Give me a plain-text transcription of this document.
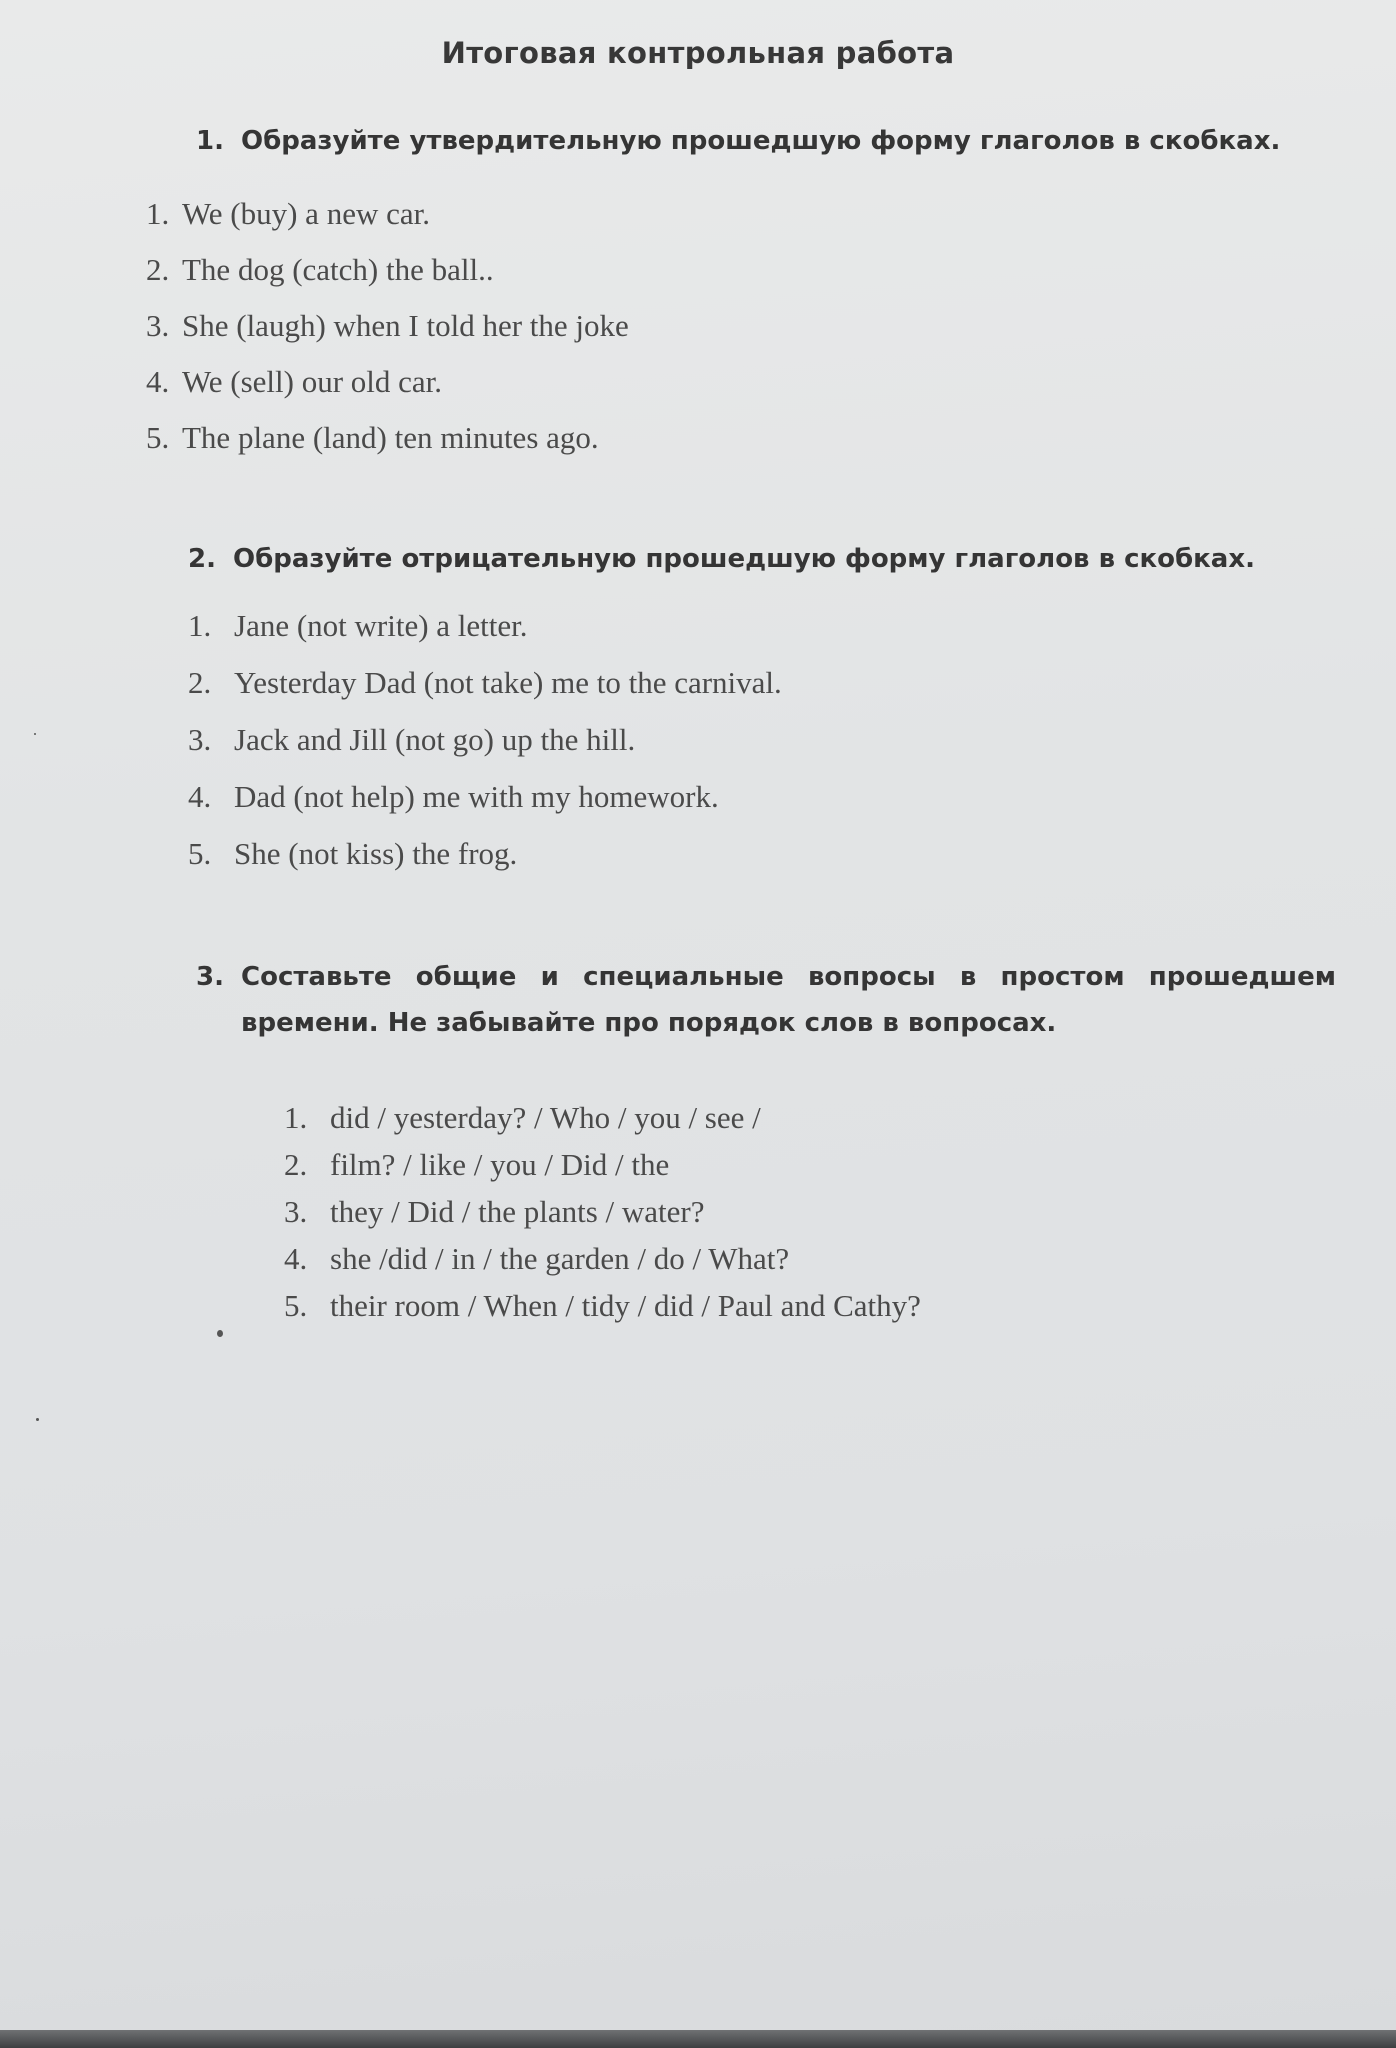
Итоговая контрольная работа
1. Образуйте утвердительную прошедшую форму глаголов в скобках.
1. We (buy) a new car.
2. The dog (catch) the ball..
3. She (laugh) when I told her the joke
4. We (sell) our old car.
5. The plane (land) ten minutes ago.
2. Образуйте отрицательную прошедшую форму глаголов в скобках.
1. Jane (not write) a letter.
2. Yesterday Dad (not take) me to the carnival.
3. Jack and Jill (not go) up the hill.
4. Dad (not help) me with my homework.
5. She (not kiss) the frog.
3. Составьте общие и специальные вопросы в простом прошедшем времени. Не забывайте про порядок слов в вопросах.
1. did / yesterday? / Who / you / see /
2. film? / like / you / Did / the
3. they / Did / the plants / water?
4. she /did / in / the garden / do / What?
5. their room / When / tidy / did / Paul and Cathy?
